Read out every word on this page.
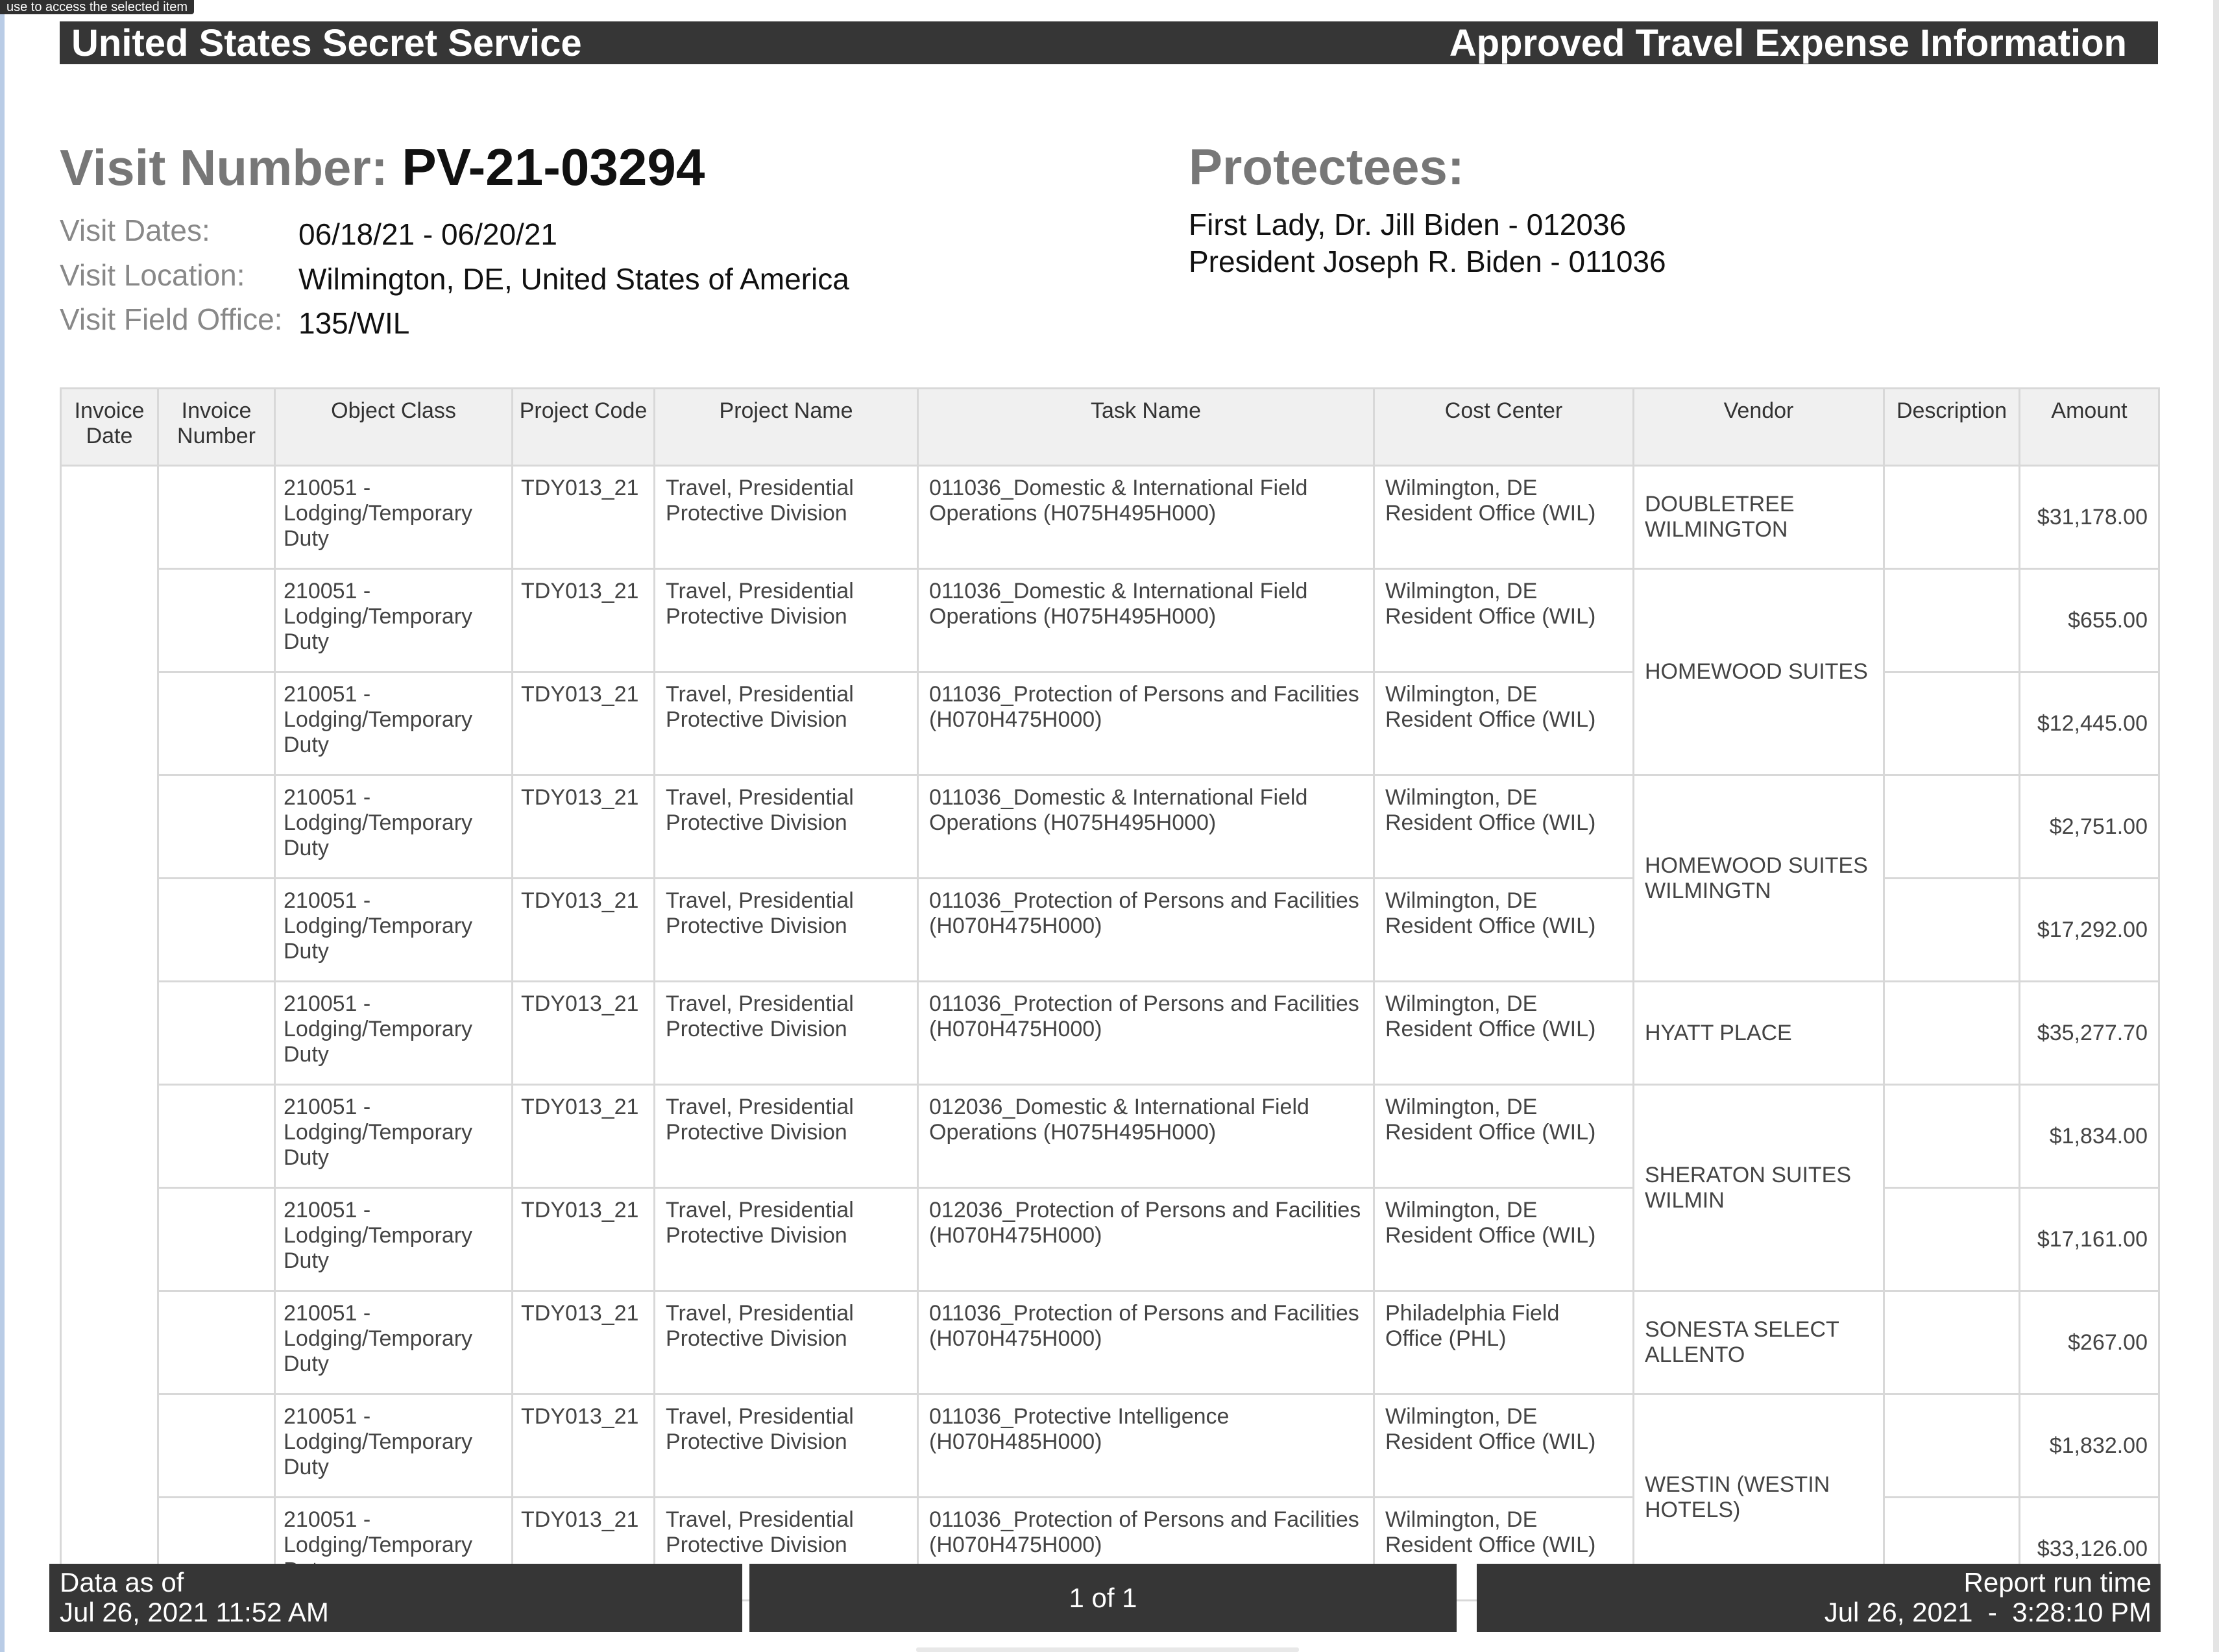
use to access the selected item
United States Secret Service	Approved Travel Expense Information
Visit Number: PV-21-03294
Visit Dates:	06/18/21 - 06/20/21
Visit Location: Wilmington, DE, United States of America
Visit Field Office: 135/WIL
Protectees:
First Lady, Dr. Jill Biden - 012036
President Joseph R. Biden - 011036
Invoice Date	Invoice Number	Object Class	Project Code	Project Name	Task Name	Cost Center	Vendor	Description	Amount
		210051 - Lodging/Temporary Duty	TDY013_21	Travel, Presidential Protective Division	011036_Domestic & International Field Operations (H075H495H000)	Wilmington, DE Resident Office (WIL)	DOUBLETREE WILMINGTON		$31,178.00
		210051 - Lodging/Temporary Duty	TDY013_21	Travel, Presidential Protective Division	011036_Domestic & International Field Operations (H075H495H000)	Wilmington, DE Resident Office (WIL)	HOMEWOOD SUITES		$655.00
		210051 - Lodging/Temporary Duty	TDY013_21	Travel, Presidential Protective Division	011036_Protection of Persons and Facilities (H070H475H000)	Wilmington, DE Resident Office (WIL)			$12,445.00
		210051 - Lodging/Temporary Duty	TDY013_21	Travel, Presidential Protective Division	011036_Domestic & International Field Operations (H075H495H000)	Wilmington, DE Resident Office (WIL)	HOMEWOOD SUITES WILMINGTN		$2,751.00
		210051 - Lodging/Temporary Duty	TDY013_21	Travel, Presidential Protective Division	011036_Protection of Persons and Facilities (H070H475H000)	Wilmington, DE Resident Office (WIL)			$17,292.00
		210051 - Lodging/Temporary Duty	TDY013_21	Travel, Presidential Protective Division	011036_Protection of Persons and Facilities (H070H475H000)	Wilmington, DE Resident Office (WIL)	HYATT PLACE		$35,277.70
		210051 - Lodging/Temporary Duty	TDY013_21	Travel, Presidential Protective Division	012036_Domestic & International Field Operations (H075H495H000)	Wilmington, DE Resident Office (WIL)	SHERATON SUITES WILMIN		$1,834.00
		210051 - Lodging/Temporary Duty	TDY013_21	Travel, Presidential Protective Division	012036_Protection of Persons and Facilities (H070H475H000)	Wilmington, DE Resident Office (WIL)			$17,161.00
		210051 - Lodging/Temporary Duty	TDY013_21	Travel, Presidential Protective Division	011036_Protection of Persons and Facilities (H070H475H000)	Philadelphia Field Office (PHL)	SONESTA SELECT ALLENTO		$267.00
		210051 - Lodging/Temporary Duty	TDY013_21	Travel, Presidential Protective Division	011036_Protective Intelligence (H070H485H000)	Wilmington, DE Resident Office (WIL)	WESTIN (WESTIN HOTELS)		$1,832.00
		210051 - Lodging/Temporary	TDY013_21	Travel, Presidential Protective Division	011036_Protection of Persons and Facilities (H070H475H000)	Wilmington, DE Resident Office (WIL)			$33,126.00
Data as of
Jul 26, 2021 11:52 AM	1 of 1	Report run time
Jul 26, 2021  -  3:28:10 PM
